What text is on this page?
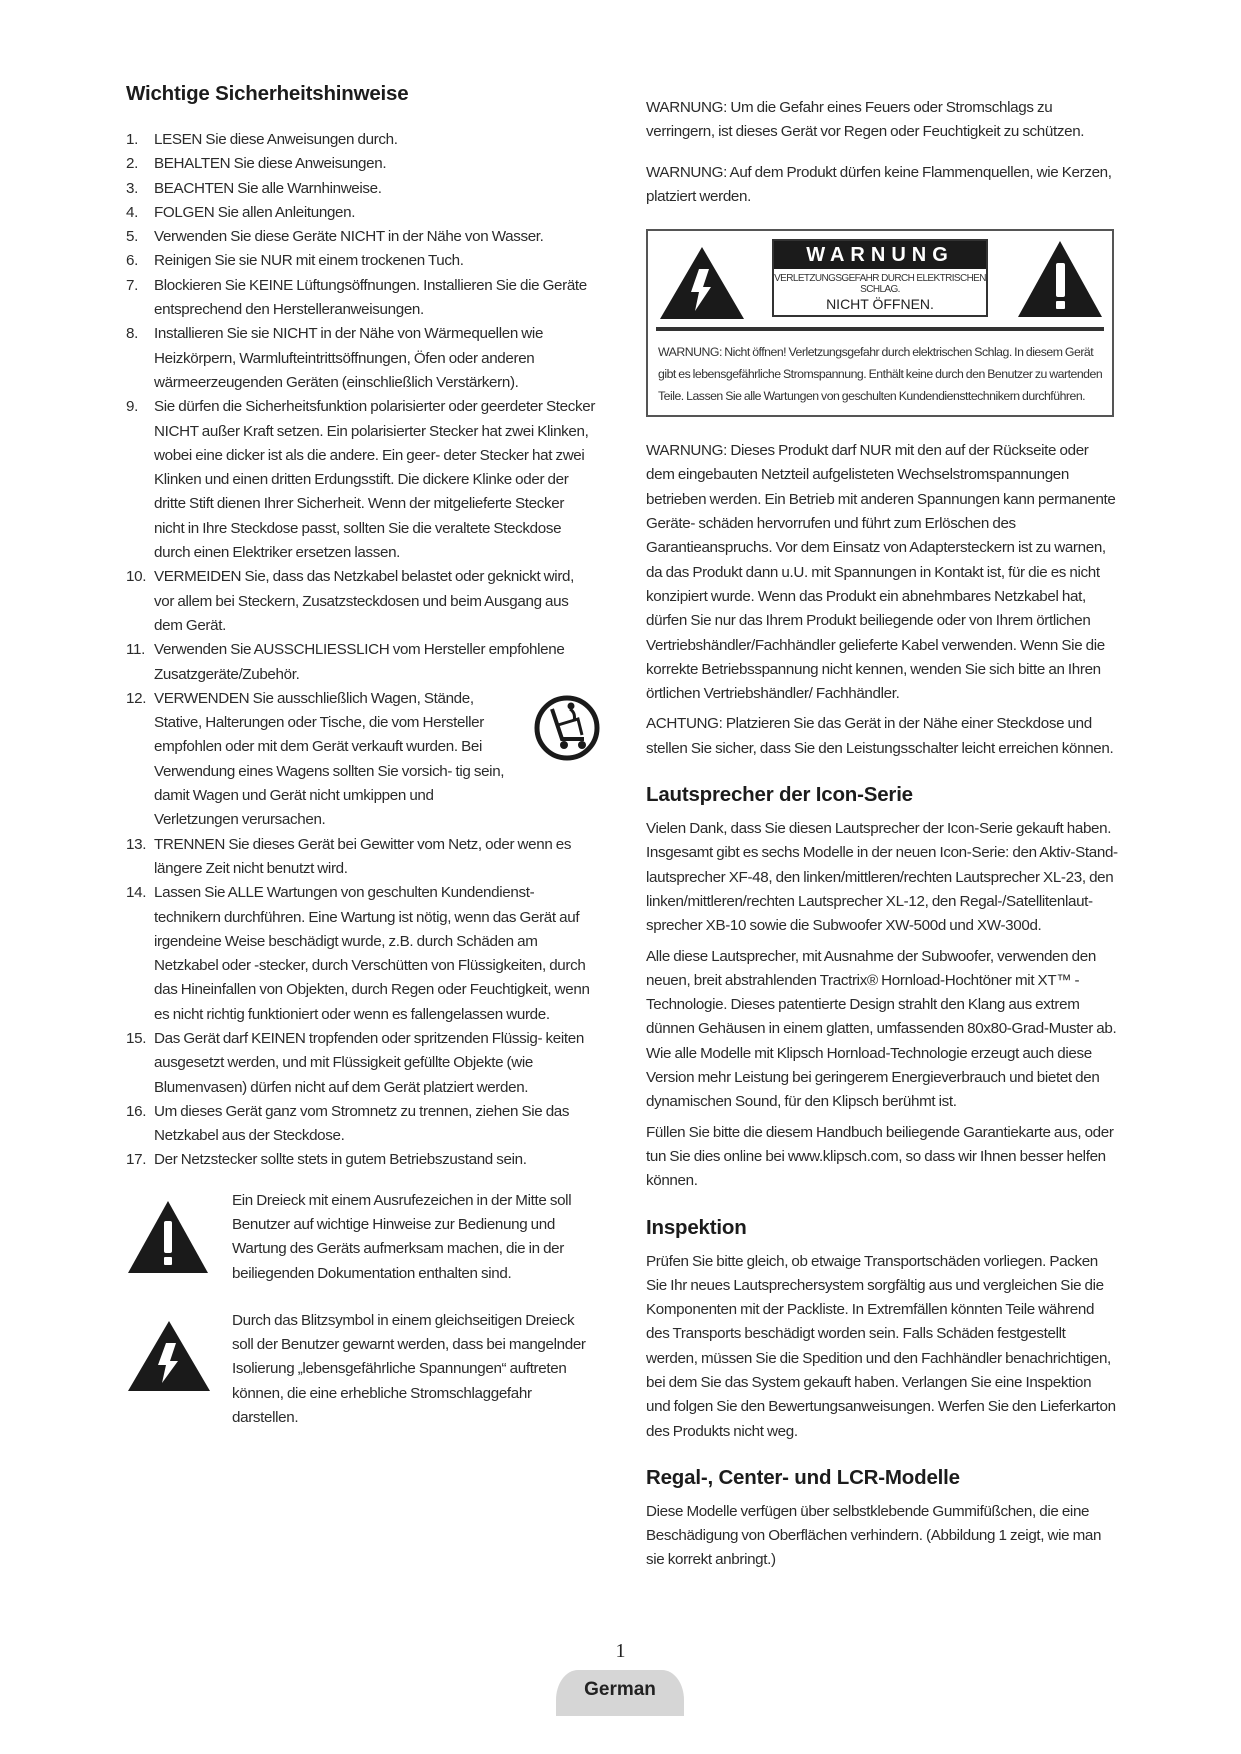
Wichtige Sicherheitshinweise
1. LESEN Sie diese Anweisungen durch.
2. BEHALTEN Sie diese Anweisungen.
3. BEACHTEN Sie alle Warnhinweise.
4. FOLGEN Sie allen Anleitungen.
5. Verwenden Sie diese Geräte NICHT in der Nähe von Wasser.
6. Reinigen Sie sie NUR mit einem trockenen Tuch.
7. Blockieren Sie KEINE Lüftungsöffnungen. Installieren Sie die Geräte entsprechend den Herstelleranweisungen.
8. Installieren Sie sie NICHT in der Nähe von Wärmequellen wie Heizkörpern, Warmlufteintrittsöffnungen, Öfen oder anderen wärmeerzeugenden Geräten (einschließlich Verstärkern).
9. Sie dürfen die Sicherheitsfunktion polarisierter oder geerdeter Stecker NICHT außer Kraft setzen. Ein polarisierter Stecker hat zwei Klinken, wobei eine dicker ist als die andere. Ein geer- deter Stecker hat zwei Klinken und einen dritten Erdungsstift. Die dickere Klinke oder der dritte Stift dienen Ihrer Sicherheit. Wenn der mitgelieferte Stecker nicht in Ihre Steckdose passt, sollten Sie die veraltete Steckdose durch einen Elektriker ersetzen lassen.
10. VERMEIDEN Sie, dass das Netzkabel belastet oder geknickt wird, vor allem bei Steckern, Zusatzsteckdosen und beim Ausgang aus dem Gerät.
11. Verwenden Sie AUSSCHLIESSLICH vom Hersteller empfohlene Zusatzgeräte/Zubehör.
12. VERWENDEN Sie ausschließlich Wagen, Stände, Stative, Halterungen oder Tische, die vom Hersteller empfohlen oder mit dem Gerät verkauft wurden. Bei Verwendung eines Wagens sollten Sie vorsich- tig sein, damit Wagen und Gerät nicht umkippen und Verletzungen verursachen.
13. TRENNEN Sie dieses Gerät bei Gewitter vom Netz, oder wenn es längere Zeit nicht benutzt wird.
14. Lassen Sie ALLE Wartungen von geschulten Kundendienst- technikern durchführen. Eine Wartung ist nötig, wenn das Gerät auf irgendeine Weise beschädigt wurde, z.B. durch Schäden am Netzkabel oder -stecker, durch Verschütten von Flüssigkeiten, durch das Hineinfallen von Objekten, durch Regen oder Feuchtigkeit, wenn es nicht richtig funktioniert oder wenn es fallengelassen wurde.
15. Das Gerät darf KEINEN tropfenden oder spritzenden Flüssig- keiten ausgesetzt werden, und mit Flüssigkeit gefüllte Objekte (wie Blumenvasen) dürfen nicht auf dem Gerät platziert werden.
16. Um dieses Gerät ganz vom Stromnetz zu trennen, ziehen Sie das Netzkabel aus der Steckdose.
17. Der Netzstecker sollte stets in gutem Betriebszustand sein.
Ein Dreieck mit einem Ausrufezeichen in der Mitte soll Benutzer auf wichtige Hinweise zur Bedienung und Wartung des Geräts aufmerksam machen, die in der beiliegenden Dokumentation enthalten sind.
Durch das Blitzsymbol in einem gleichseitigen Dreieck soll der Benutzer gewarnt werden, dass bei mangelnder Isolierung „lebensgefährliche Spannungen“ auftreten können, die eine erhebliche Stromschlaggefahr darstellen.

WARNUNG: Um die Gefahr eines Feuers oder Stromschlags zu verringern, ist dieses Gerät vor Regen oder Feuchtigkeit zu schützen.

WARNUNG: Auf dem Produkt dürfen keine Flammenquellen, wie Kerzen, platziert werden.

WARNUNG
VERLETZUNGSGEFAHR DURCH ELEKTRISCHEN SCHLAG.
NICHT ÖFFNEN.
WARNUNG: Nicht öffnen! Verletzungsgefahr durch elektrischen Schlag. In diesem Gerät gibt es lebensgefährliche Stromspannung. Enthält keine durch den Benutzer zu wartenden Teile. Lassen Sie alle Wartungen von geschulten Kundendiensttechnikern durchführen.

WARNUNG: Dieses Produkt darf NUR mit den auf der Rückseite oder dem eingebauten Netzteil aufgelisteten Wechselstromspannungen betrieben werden. Ein Betrieb mit anderen Spannungen kann permanente Geräte- schäden hervorrufen und führt zum Erlöschen des Garantieanspruchs. Vor dem Einsatz von Adaptersteckern ist zu warnen, da das Produkt dann u.U. mit Spannungen in Kontakt ist, für die es nicht konzipiert wurde. Wenn das Produkt ein abnehmbares Netzkabel hat, dürfen Sie nur das Ihrem Produkt beiliegende oder von Ihrem örtlichen Vertriebshändler/Fachhändler gelieferte Kabel verwenden. Wenn Sie die korrekte Betriebsspannung nicht kennen, wenden Sie sich bitte an Ihren örtlichen Vertriebshändler/ Fachhändler.

ACHTUNG: Platzieren Sie das Gerät in der Nähe einer Steckdose und stellen Sie sicher, dass Sie den Leistungsschalter leicht erreichen können.

Lautsprecher der Icon-Serie

Vielen Dank, dass Sie diesen Lautsprecher der Icon-Serie gekauft haben. Insgesamt gibt es sechs Modelle in der neuen Icon-Serie: den Aktiv-Stand- lautsprecher XF-48, den linken/mittleren/rechten Lautsprecher XL-23, den linken/mittleren/rechten Lautsprecher XL-12, den Regal-/Satellitenlaut- sprecher XB-10 sowie die Subwoofer XW-500d und XW-300d.

Alle diese Lautsprecher, mit Ausnahme der Subwoofer, verwenden den neuen, breit abstrahlenden Tractrix® Hornload-Hochtöner mit XT™ - Technologie. Dieses patentierte Design strahlt den Klang aus extrem dünnen Gehäusen in einem glatten, umfassenden 80x80-Grad-Muster ab. Wie alle Modelle mit Klipsch Hornload-Technologie erzeugt auch diese Version mehr Leistung bei geringerem Energieverbrauch und bietet den dynamischen Sound, für den Klipsch berühmt ist.

Füllen Sie bitte die diesem Handbuch beiliegende Garantiekarte aus, oder tun Sie dies online bei www.klipsch.com, so dass wir Ihnen besser helfen können.

Inspektion

Prüfen Sie bitte gleich, ob etwaige Transportschäden vorliegen. Packen Sie Ihr neues Lautsprechersystem sorgfältig aus und vergleichen Sie die Komponenten mit der Packliste. In Extremfällen könnten Teile während des Transports beschädigt worden sein. Falls Schäden festgestellt werden, müssen Sie die Spedition und den Fachhändler benachrichtigen, bei dem Sie das System gekauft haben. Verlangen Sie eine Inspektion und folgen Sie den Bewertungsanweisungen. Werfen Sie den Lieferkarton des Produkts nicht weg.

Regal-, Center- und LCR-Modelle

Diese Modelle verfügen über selbstklebende Gummifüßchen, die eine Beschädigung von Oberflächen verhindern. (Abbildung 1 zeigt, wie man sie korrekt anbringt.)

1
German
